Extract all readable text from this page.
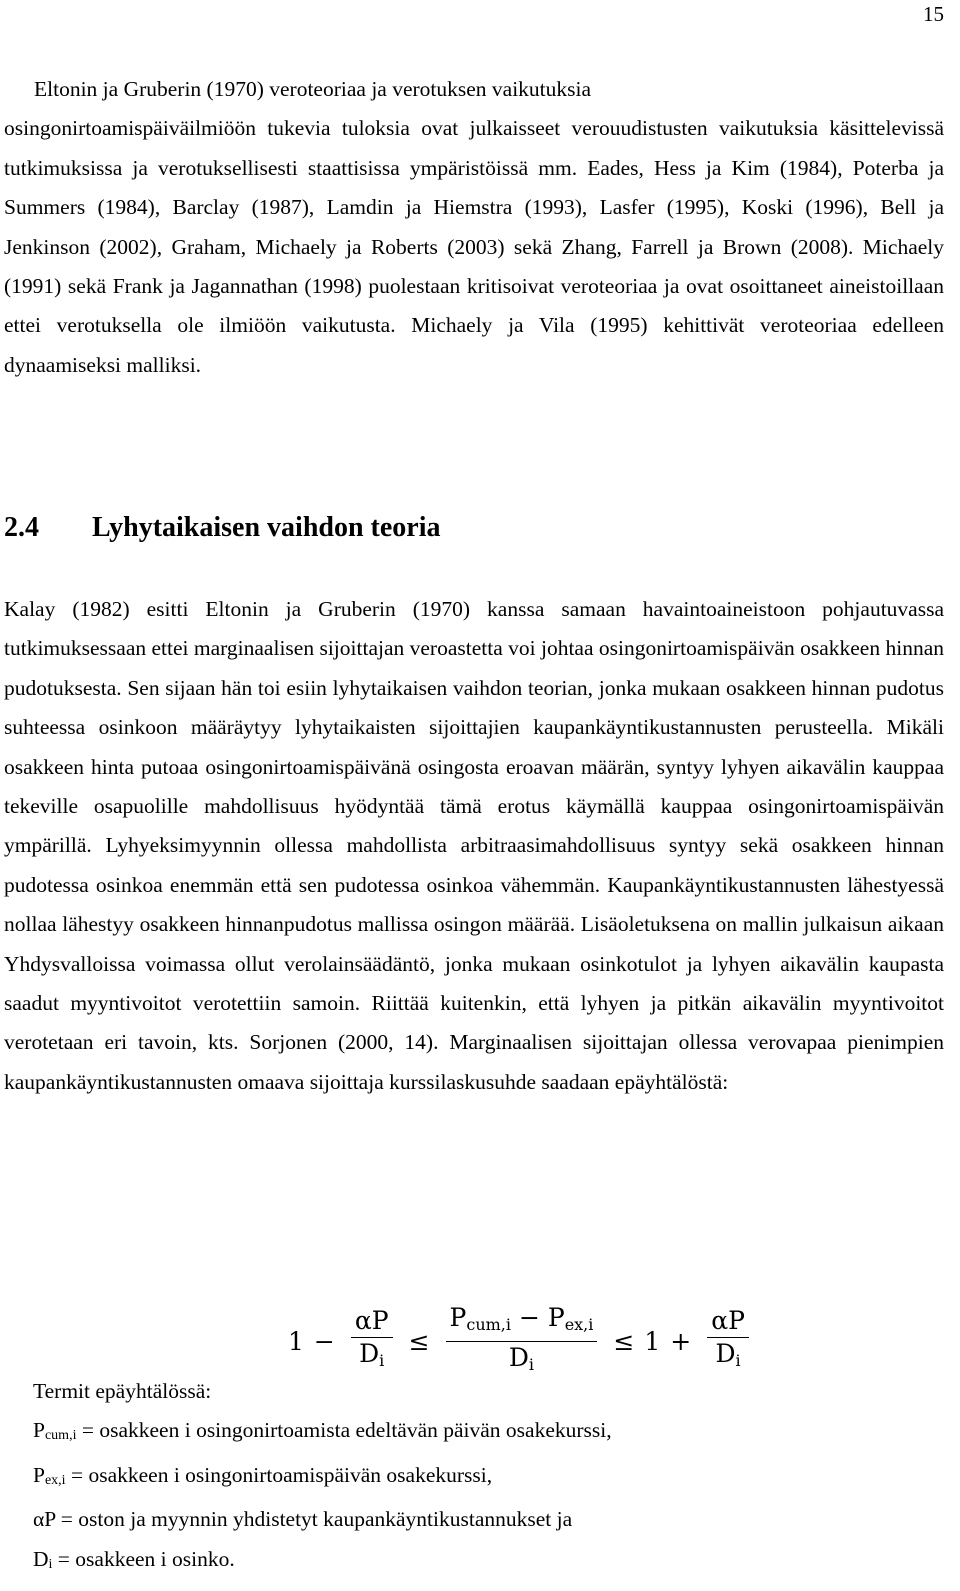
15

Eltonin ja Gruberin (1970) veroteoriaa ja verotuksen vaikutuksia
osingonirtoamispäiväilmiöön tukevia tuloksia ovat julkaisseet verouudistusten vaikutuksia käsittelevissä tutkimuksissa ja verotuksellisesti staattisissa ympäristöissä mm. Eades, Hess ja Kim (1984), Poterba ja Summers (1984), Barclay (1987), Lamdin ja Hiemstra (1993), Lasfer (1995), Koski (1996), Bell ja Jenkinson (2002), Graham, Michaely ja Roberts (2003) sekä Zhang, Farrell ja Brown (2008). Michaely (1991) sekä Frank ja Jagannathan (1998) puolestaan kritisoivat veroteoriaa ja ovat osoittaneet aineistoillaan ettei verotuksella ole ilmiöön vaikutusta. Michaely ja Vila (1995) kehittivät veroteoriaa edelleen dynaamiseksi malliksi.

2.4 Lyhytaikaisen vaihdon teoria

Kalay (1982) esitti Eltonin ja Gruberin (1970) kanssa samaan havaintoaineistoon pohjautuvassa tutkimuksessaan ettei marginaalisen sijoittajan veroastetta voi johtaa osingonirtoamispäivän osakkeen hinnan pudotuksesta. Sen sijaan hän toi esiin lyhytaikaisen vaihdon teorian, jonka mukaan osakkeen hinnan pudotus suhteessa osinkoon määräytyy lyhytaikaisten sijoittajien kaupankäyntikustannusten perusteella. Mikäli osakkeen hinta putoaa osingonirtoamispäivänä osingosta eroavan määrän, syntyy lyhyen aikavälin kauppaa tekeville osapuolille mahdollisuus hyödyntää tämä erotus käymällä kauppaa osingonirtoamispäivän ympärillä. Lyhyeksimyynnin ollessa mahdollista arbitraasimahdollisuus syntyy sekä osakkeen hinnan pudotessa osinkoa enemmän että sen pudotessa osinkoa vähemmän. Kaupankäyntikustannusten lähestyessä nollaa lähestyy osakkeen hinnanpudotus mallissa osingon määrää. Lisäoletuksena on mallin julkaisun aikaan Yhdysvalloissa voimassa ollut verolainsäädäntö, jonka mukaan osinkotulot ja lyhyen aikavälin kaupasta saadut myyntivoitot verotettiin samoin. Riittää kuitenkin, että lyhyen ja pitkän aikavälin myyntivoitot verotetaan eri tavoin, kts. Sorjonen (2000, 14). Marginaalisen sijoittajan ollessa verovapaa pienimpien kaupankäyntikustannusten omaava sijoittaja kurssilaskusuhde saadaan epäyhtälöstä:

$1 - \frac{\alpha P}{D_i} \le \frac{P_{cum,i} - P_{ex,i}}{D_i} \le 1 + \frac{\alpha P}{D_i}$
Termit epäyhtälössä:
Pcum,i = osakkeen i osingonirtoamista edeltävän päivän osakekurssi,
Pex,i = osakkeen i osingonirtoamispäivän osakekurssi,
αP = oston ja myynnin yhdistetyt kaupankäyntikustannukset ja
Di = osakkeen i osinko.
